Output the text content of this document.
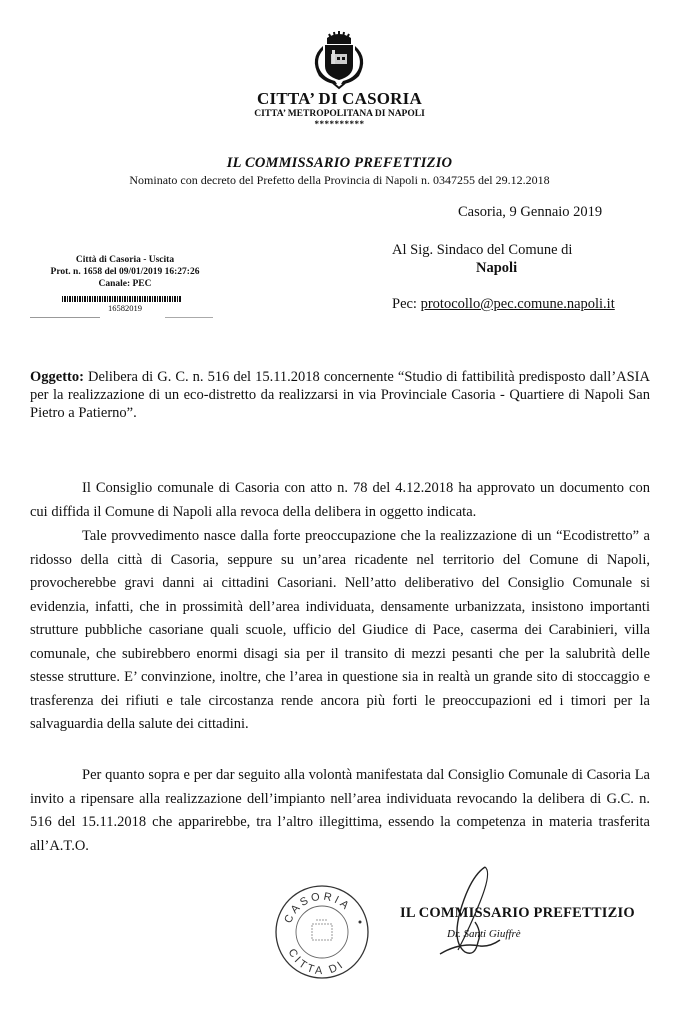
CITTA’ DI CASORIA
CITTA’ METROPOLITANA DI NAPOLI
**********
IL COMMISSARIO PREFETTIZIO
Nominato con decreto del Prefetto della Provincia di Napoli n. 0347255 del 29.12.2018
Casoria, 9 Gennaio 2019
Città di Casoria - Uscita
Prot. n. 1658 del 09/01/2019 16:27:26
Canale: PEC
16582019
Al Sig. Sindaco del Comune di
Napoli
Pec: protocollo@pec.comune.napoli.it
Oggetto: Delibera di G. C. n. 516 del 15.11.2018 concernente “Studio di fattibilità predisposto dall’ASIA per la realizzazione di un eco-distretto da realizzarsi in via Provinciale Casoria - Quartiere di Napoli San Pietro a Patierno”.
Il Consiglio comunale di Casoria con atto n. 78 del 4.12.2018 ha approvato un documento con cui diffida il Comune di Napoli alla revoca della delibera in oggetto indicata.
Tale provvedimento nasce dalla forte preoccupazione che la realizzazione di un “Ecodistretto” a ridosso della città di Casoria, seppure su un’area ricadente nel territorio del Comune di Napoli, provocherebbe gravi danni ai cittadini Casoriani. Nell’atto deliberativo del Consiglio Comunale si evidenzia, infatti, che in prossimità dell’area individuata, densamente urbanizzata, insistono importanti strutture pubbliche casoriane quali scuole, ufficio del Giudice di Pace, caserma dei Carabinieri, villa comunale, che subirebbero enormi disagi sia per il transito di mezzi pesanti che per la salubrità delle stesse strutture. E’ convinzione, inoltre, che l’area in questione sia in realtà un grande sito di stoccaggio e trasferenza dei rifiuti e tale circostanza rende ancora più forti le preoccupazioni ed i timori per la salvaguardia della salute dei cittadini.
Per quanto sopra e per dar seguito alla volontà manifestata dal Consiglio Comunale di Casoria La invito a ripensare alla realizzazione dell’impianto nell’area individuata revocando la delibera di G.C. n. 516 del 15.11.2018 che apparirebbe, tra l’altro illegittima, essendo la competenza in materia trasferita all’A.T.O.
CASORIA
CITTA DI
IL COMMISSARIO PREFETTIZIO
Dr. Santi Giuffrè
